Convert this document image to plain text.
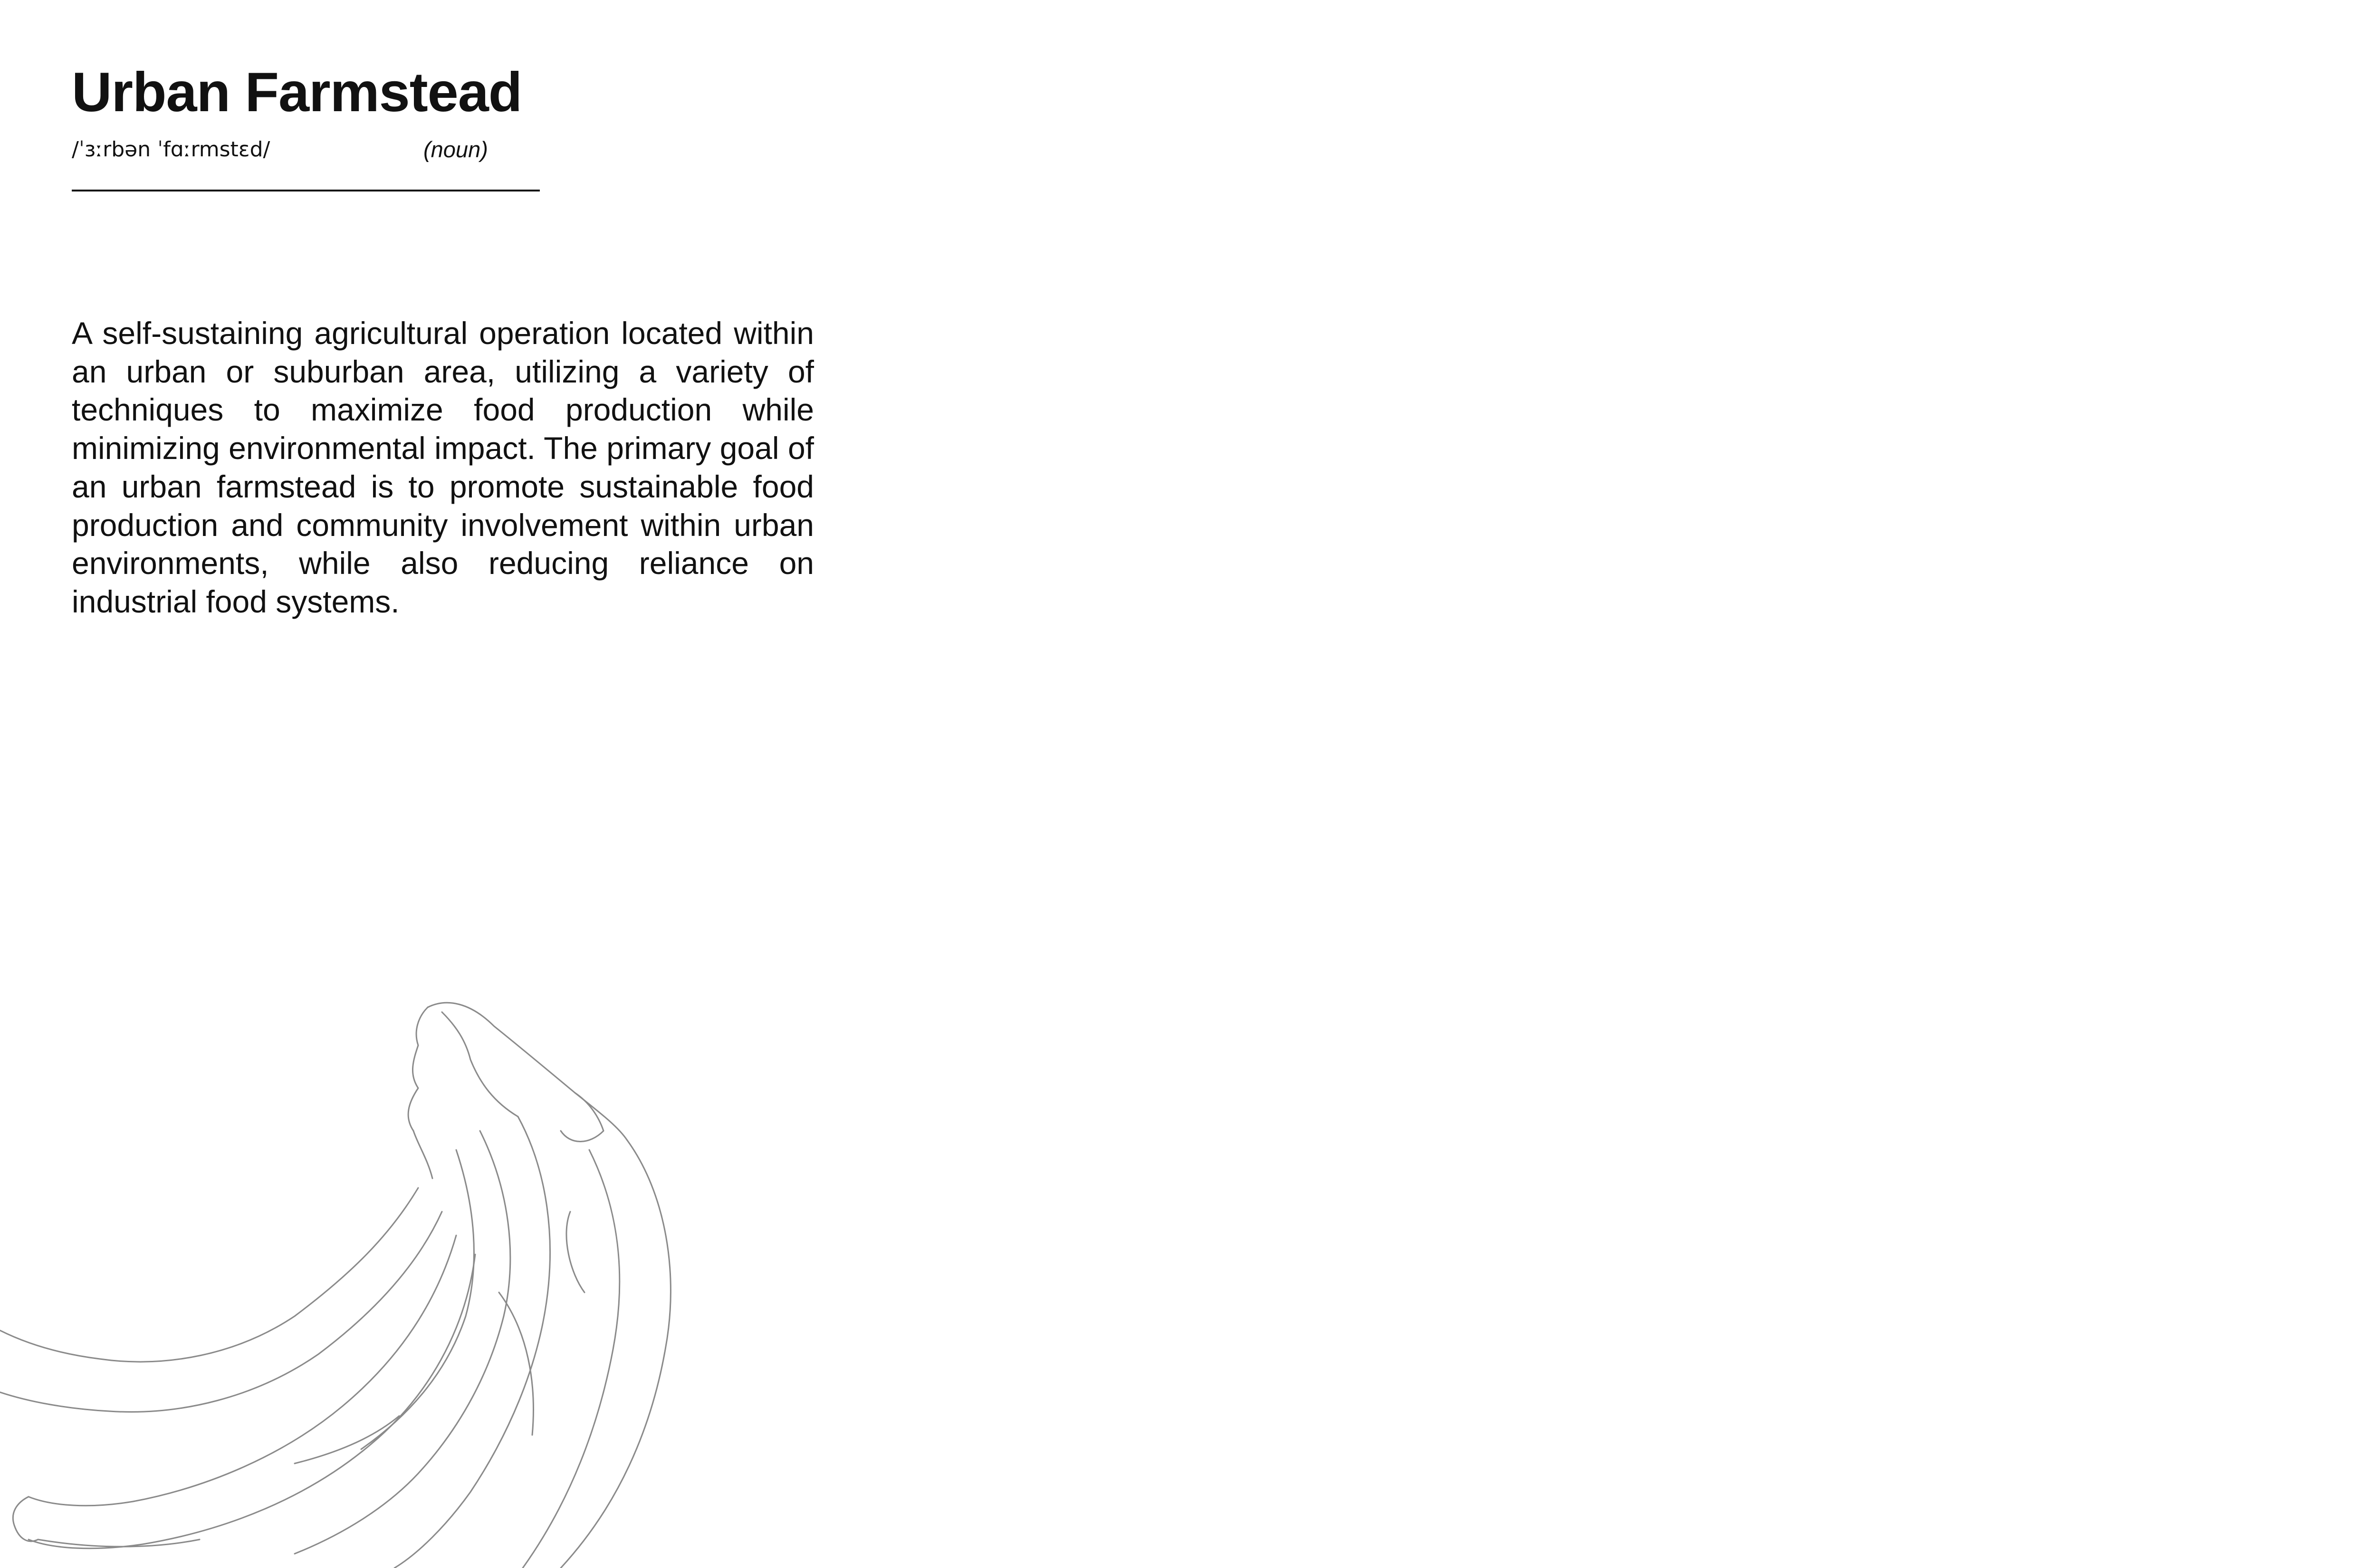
Urban Farmstead
/ˈɜːrbən ˈfɑːrmstɛd/	(noun)

A self-sustaining agricultural operation located within an urban or suburban area, utilizing a variety of techniques to maximize food production while minimizing environmental impact. The primary goal of an urban farmstead is to promote sustainable food production and community involvement within urban environments, while also reducing reliance on industrial food systems.
